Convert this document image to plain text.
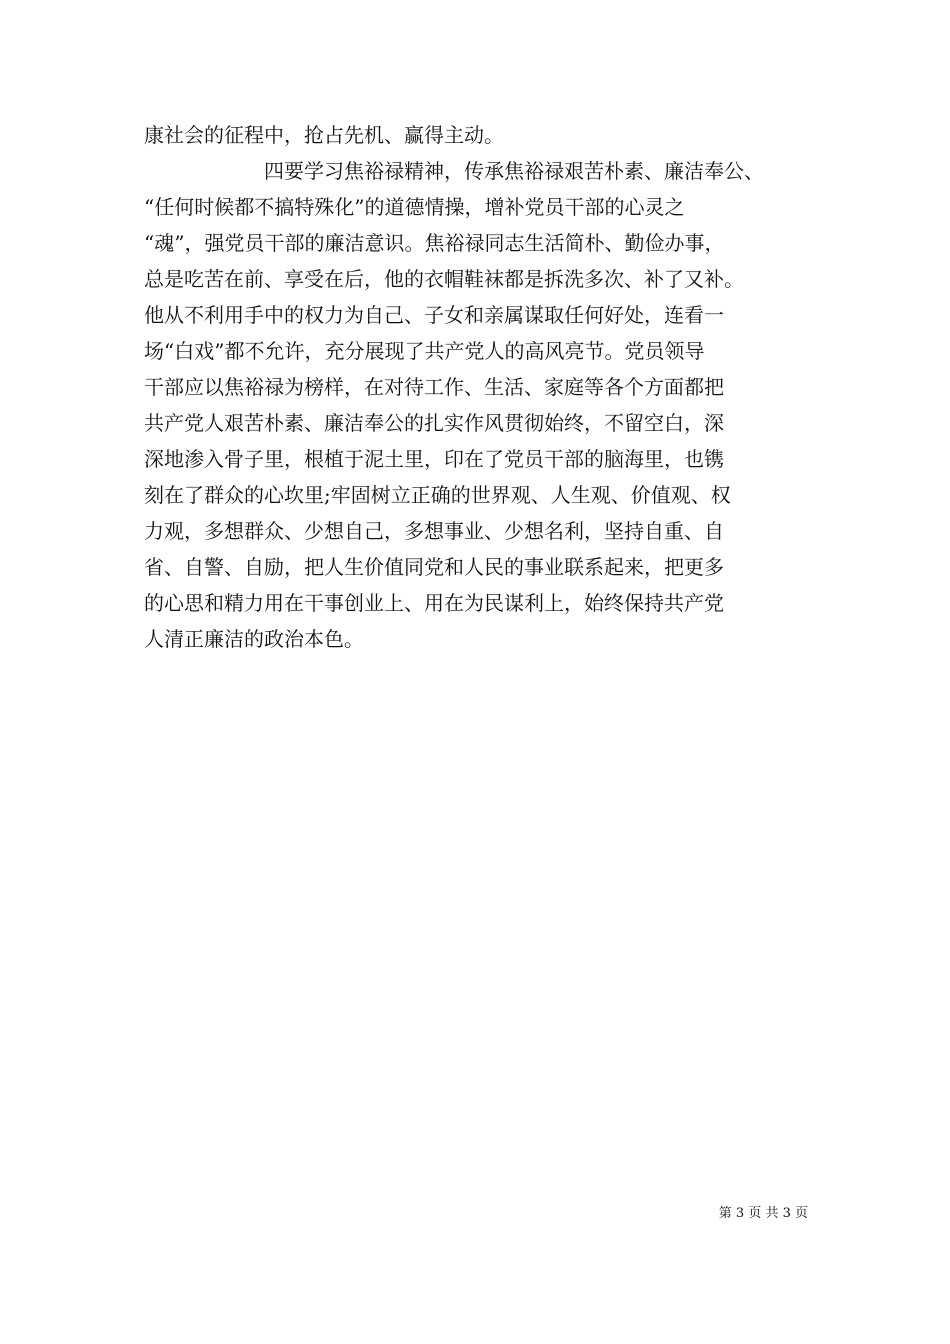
康社会的征程中，抢占先机、赢得主动。
　　　　　　四要学习焦裕禄精神，传承焦裕禄艰苦朴素、廉洁奉公、
“任何时候都不搞特殊化”的道德情操，增补党员干部的心灵之
“魂”，强党员干部的廉洁意识。焦裕禄同志生活简朴、勤俭办事，
总是吃苦在前、享受在后，他的衣帽鞋袜都是拆洗多次、补了又补。
他从不利用手中的权力为自己、子女和亲属谋取任何好处，连看一
场“白戏”都不允许，充分展现了共产党人的高风亮节。党员领导
干部应以焦裕禄为榜样，在对待工作、生活、家庭等各个方面都把
共产党人艰苦朴素、廉洁奉公的扎实作风贯彻始终，不留空白，深
深地渗入骨子里，根植于泥土里，印在了党员干部的脑海里，也镌
刻在了群众的心坎里;牢固树立正确的世界观、人生观、价值观、权
力观，多想群众、少想自己，多想事业、少想名利，坚持自重、自
省、自警、自励，把人生价值同党和人民的事业联系起来，把更多
的心思和精力用在干事创业上、用在为民谋利上，始终保持共产党
人清正廉洁的政治本色。
第 3 页 共 3 页
